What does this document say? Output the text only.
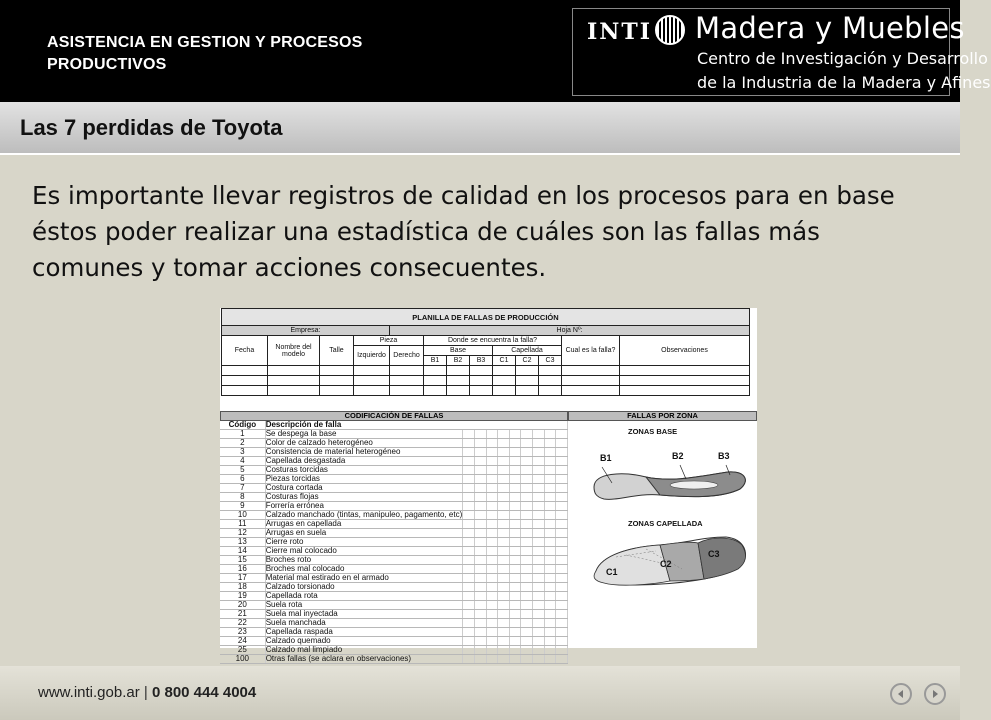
ASISTENCIA EN GESTION Y PROCESOS PRODUCTIVOS
INTI Madera y Muebles
Centro de Investigación y Desarrollo
de la Industria de la Madera y Afines
Las 7 perdidas de Toyota
Es importante llevar registros de calidad en los procesos para en base éstos poder realizar una estadística de cuáles son las fallas más comunes y tomar acciones consecuentes.
PLANILLA DE FALLAS DE PRODUCCIÓN												
Empresa:				Hoja Nº:								
Fecha	Nombre del modelo	Talle	Pieza		Donde se encuentra la falla?						Cual es la falla?	Observaciones
			Izquierdo	Derecho	Base			Capellada				
					B1	B2	B3	C1	C2	C3		

CODIFICACIÓN DE FALLAS	FALLAS POR ZONA
Código	Descripción de falla									
1	Se despega la base									
2	Color de calzado heterogéneo									
3	Consistencia de material heterogéneo									
4	Capellada desgastada									
5	Costuras torcidas									
6	Piezas torcidas									
7	Costura cortada									
8	Costuras flojas									
9	Forrería errónea									
10	Calzado manchado (tintas, manipuleo, pagamento, etc)									
11	Arrugas en capellada									
12	Arrugas en suela									
13	Cierre roto									
14	Cierre mal colocado									
15	Broches roto									
16	Broches mal colocado									
17	Material mal estirado en el armado									
18	Calzado torsionado									
19	Capellada rota									
20	Suela rota									
21	Suela mal inyectada									
22	Suela manchada									
23	Capellada raspada									
24	Calzado quemado									
25	Calzado mal limpiado									
100	Otras fallas (se aclara en observaciones)									
ZONAS BASE
B1	B2	B3
ZONAS CAPELLADA
C3
C2
C1
www.inti.gob.ar | 0 800 444 4004
